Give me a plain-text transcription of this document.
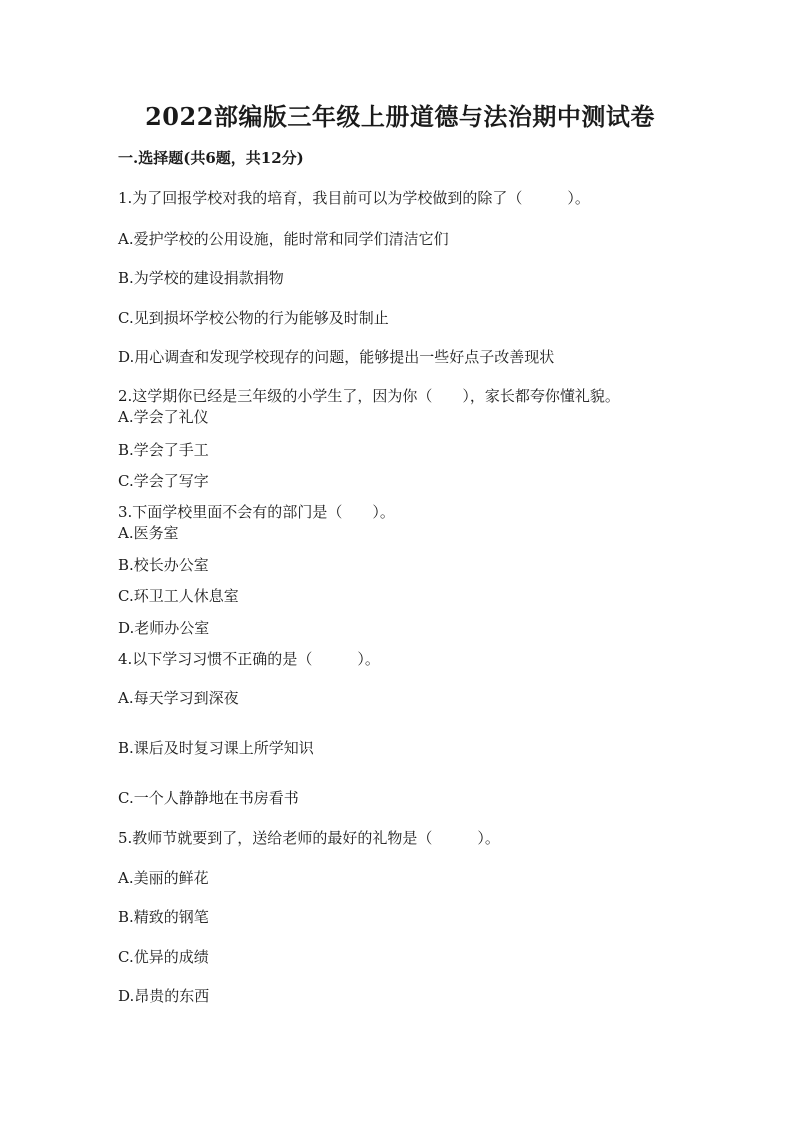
2022部编版三年级上册道德与法治期中测试卷

一.选择题(共6题，共12分)

1.为了回报学校对我的培育，我目前可以为学校做到的除了（　　　）。

A.爱护学校的公用设施，能时常和同学们清洁它们

B.为学校的建设捐款捐物

C.见到损坏学校公物的行为能够及时制止

D.用心调查和发现学校现存的问题，能够提出一些好点子改善现状

2.这学期你已经是三年级的小学生了，因为你（　　），家长都夸你懂礼貌。

A.学会了礼仪

B.学会了手工

C.学会了写字

3.下面学校里面不会有的部门是（　　）。

A.医务室

B.校长办公室

C.环卫工人休息室

D.老师办公室

4.以下学习习惯不正确的是（　　　）。

A.每天学习到深夜

B.课后及时复习课上所学知识

C.一个人静静地在书房看书

5.教师节就要到了，送给老师的最好的礼物是（　　　）。

A.美丽的鲜花

B.精致的钢笔

C.优异的成绩

D.昂贵的东西
